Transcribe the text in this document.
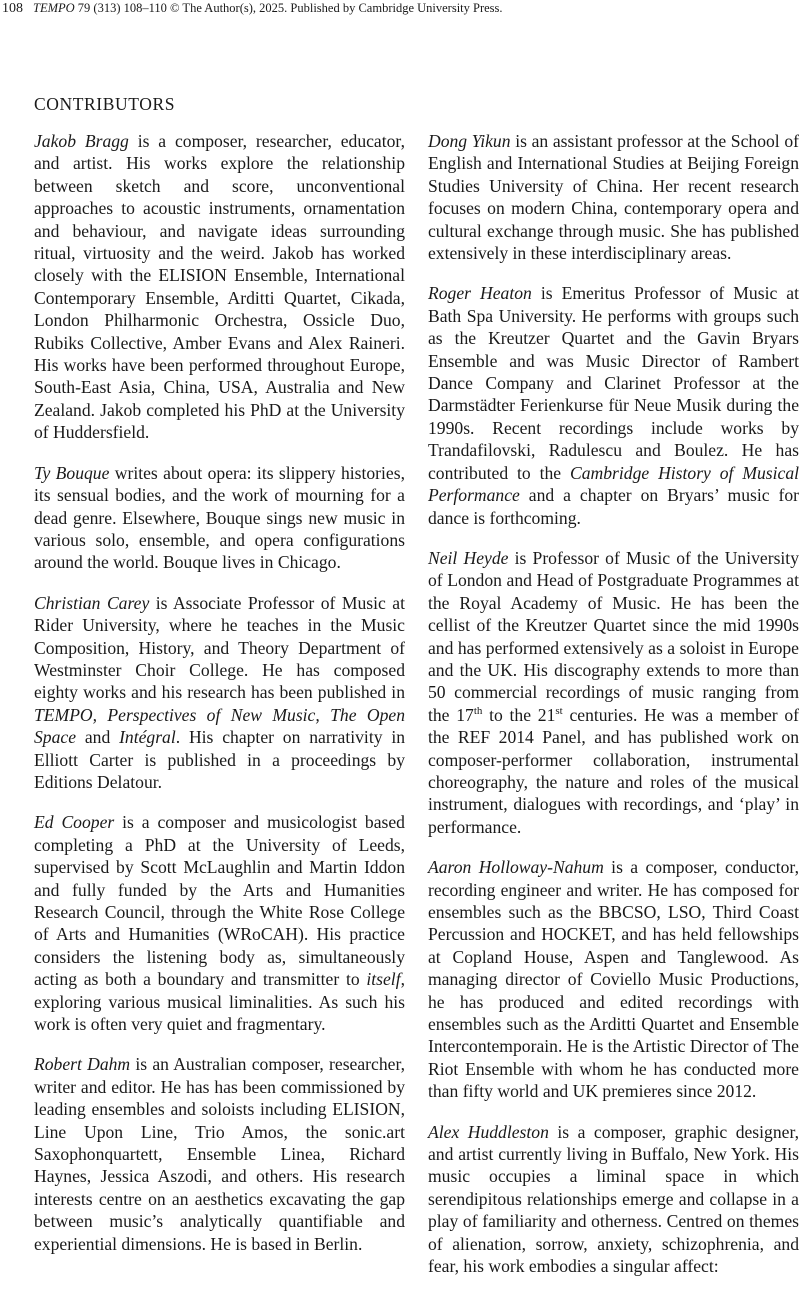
108 TEMPO 79 (313) 108–110 © The Author(s), 2025. Published by Cambridge University Press.
CONTRIBUTORS

Jakob Bragg is a composer, researcher, educator, and artist. His works explore the relationship between sketch and score, unconventional approaches to acoustic instruments, ornamentation and behaviour, and navigate ideas surrounding ritual, virtuosity and the weird. Jakob has worked closely with the ELISION Ensemble, International Contemporary Ensemble, Arditti Quartet, Cikada, London Philharmonic Orchestra, Ossicle Duo, Rubiks Collective, Amber Evans and Alex Raineri. His works have been performed throughout Europe, South-East Asia, China, USA, Australia and New Zealand. Jakob completed his PhD at the University of Huddersfield.

Ty Bouque writes about opera: its slippery histories, its sensual bodies, and the work of mourning for a dead genre. Elsewhere, Bouque sings new music in various solo, ensemble, and opera configurations around the world. Bouque lives in Chicago.

Christian Carey is Associate Professor of Music at Rider University, where he teaches in the Music Composition, History, and Theory Department of Westminster Choir College. He has composed eighty works and his research has been published in TEMPO, Perspectives of New Music, The Open Space and Intégral. His chapter on narrativity in Elliott Carter is published in a proceedings by Editions Delatour.

Ed Cooper is a composer and musicologist based completing a PhD at the University of Leeds, supervised by Scott McLaughlin and Martin Iddon and fully funded by the Arts and Humanities Research Council, through the White Rose College of Arts and Humanities (WRoCAH). His practice considers the listening body as, simultaneously acting as both a boundary and transmitter to itself, exploring various musical liminalities. As such his work is often very quiet and fragmentary.

Robert Dahm is an Australian composer, researcher, writer and editor. He has has been commissioned by leading ensembles and soloists including ELISION, Line Upon Line, Trio Amos, the sonic.art Saxophonquartett, Ensemble Linea, Richard Haynes, Jessica Aszodi, and others. His research interests centre on an aesthetics excavating the gap between music’s analytically quantifiable and experiential dimensions. He is based in Berlin.

Dong Yikun is an assistant professor at the School of English and International Studies at Beijing Foreign Studies University of China. Her recent research focuses on modern China, contemporary opera and cultural exchange through music. She has published extensively in these interdisciplinary areas.

Roger Heaton is Emeritus Professor of Music at Bath Spa University. He performs with groups such as the Kreutzer Quartet and the Gavin Bryars Ensemble and was Music Director of Rambert Dance Company and Clarinet Professor at the Darmstädter Ferienkurse für Neue Musik during the 1990s. Recent recordings include works by Trandafilovski, Radulescu and Boulez. He has contributed to the Cambridge History of Musical Performance and a chapter on Bryars’ music for dance is forthcoming.

Neil Heyde is Professor of Music of the University of London and Head of Postgraduate Programmes at the Royal Academy of Music. He has been the cellist of the Kreutzer Quartet since the mid 1990s and has performed extensively as a soloist in Europe and the UK. His discography extends to more than 50 commercial recordings of music ranging from the 17th to the 21st centuries. He was a member of the REF 2014 Panel, and has published work on composer-performer collaboration, instrumental choreography, the nature and roles of the musical instrument, dialogues with recordings, and ‘play’ in performance.

Aaron Holloway-Nahum is a composer, conductor, recording engineer and writer. He has composed for ensembles such as the BBCSO, LSO, Third Coast Percussion and HOCKET, and has held fellowships at Copland House, Aspen and Tanglewood. As managing director of Coviello Music Productions, he has produced and edited recordings with ensembles such as the Arditti Quartet and Ensemble Intercontemporain. He is the Artistic Director of The Riot Ensemble with whom he has conducted more than fifty world and UK premieres since 2012.

Alex Huddleston is a composer, graphic designer, and artist currently living in Buffalo, New York. His music occupies a liminal space in which serendipitous relationships emerge and collapse in a play of familiarity and otherness. Centred on themes of alienation, sorrow, anxiety, schizophrenia, and fear, his work embodies a singular affect:
